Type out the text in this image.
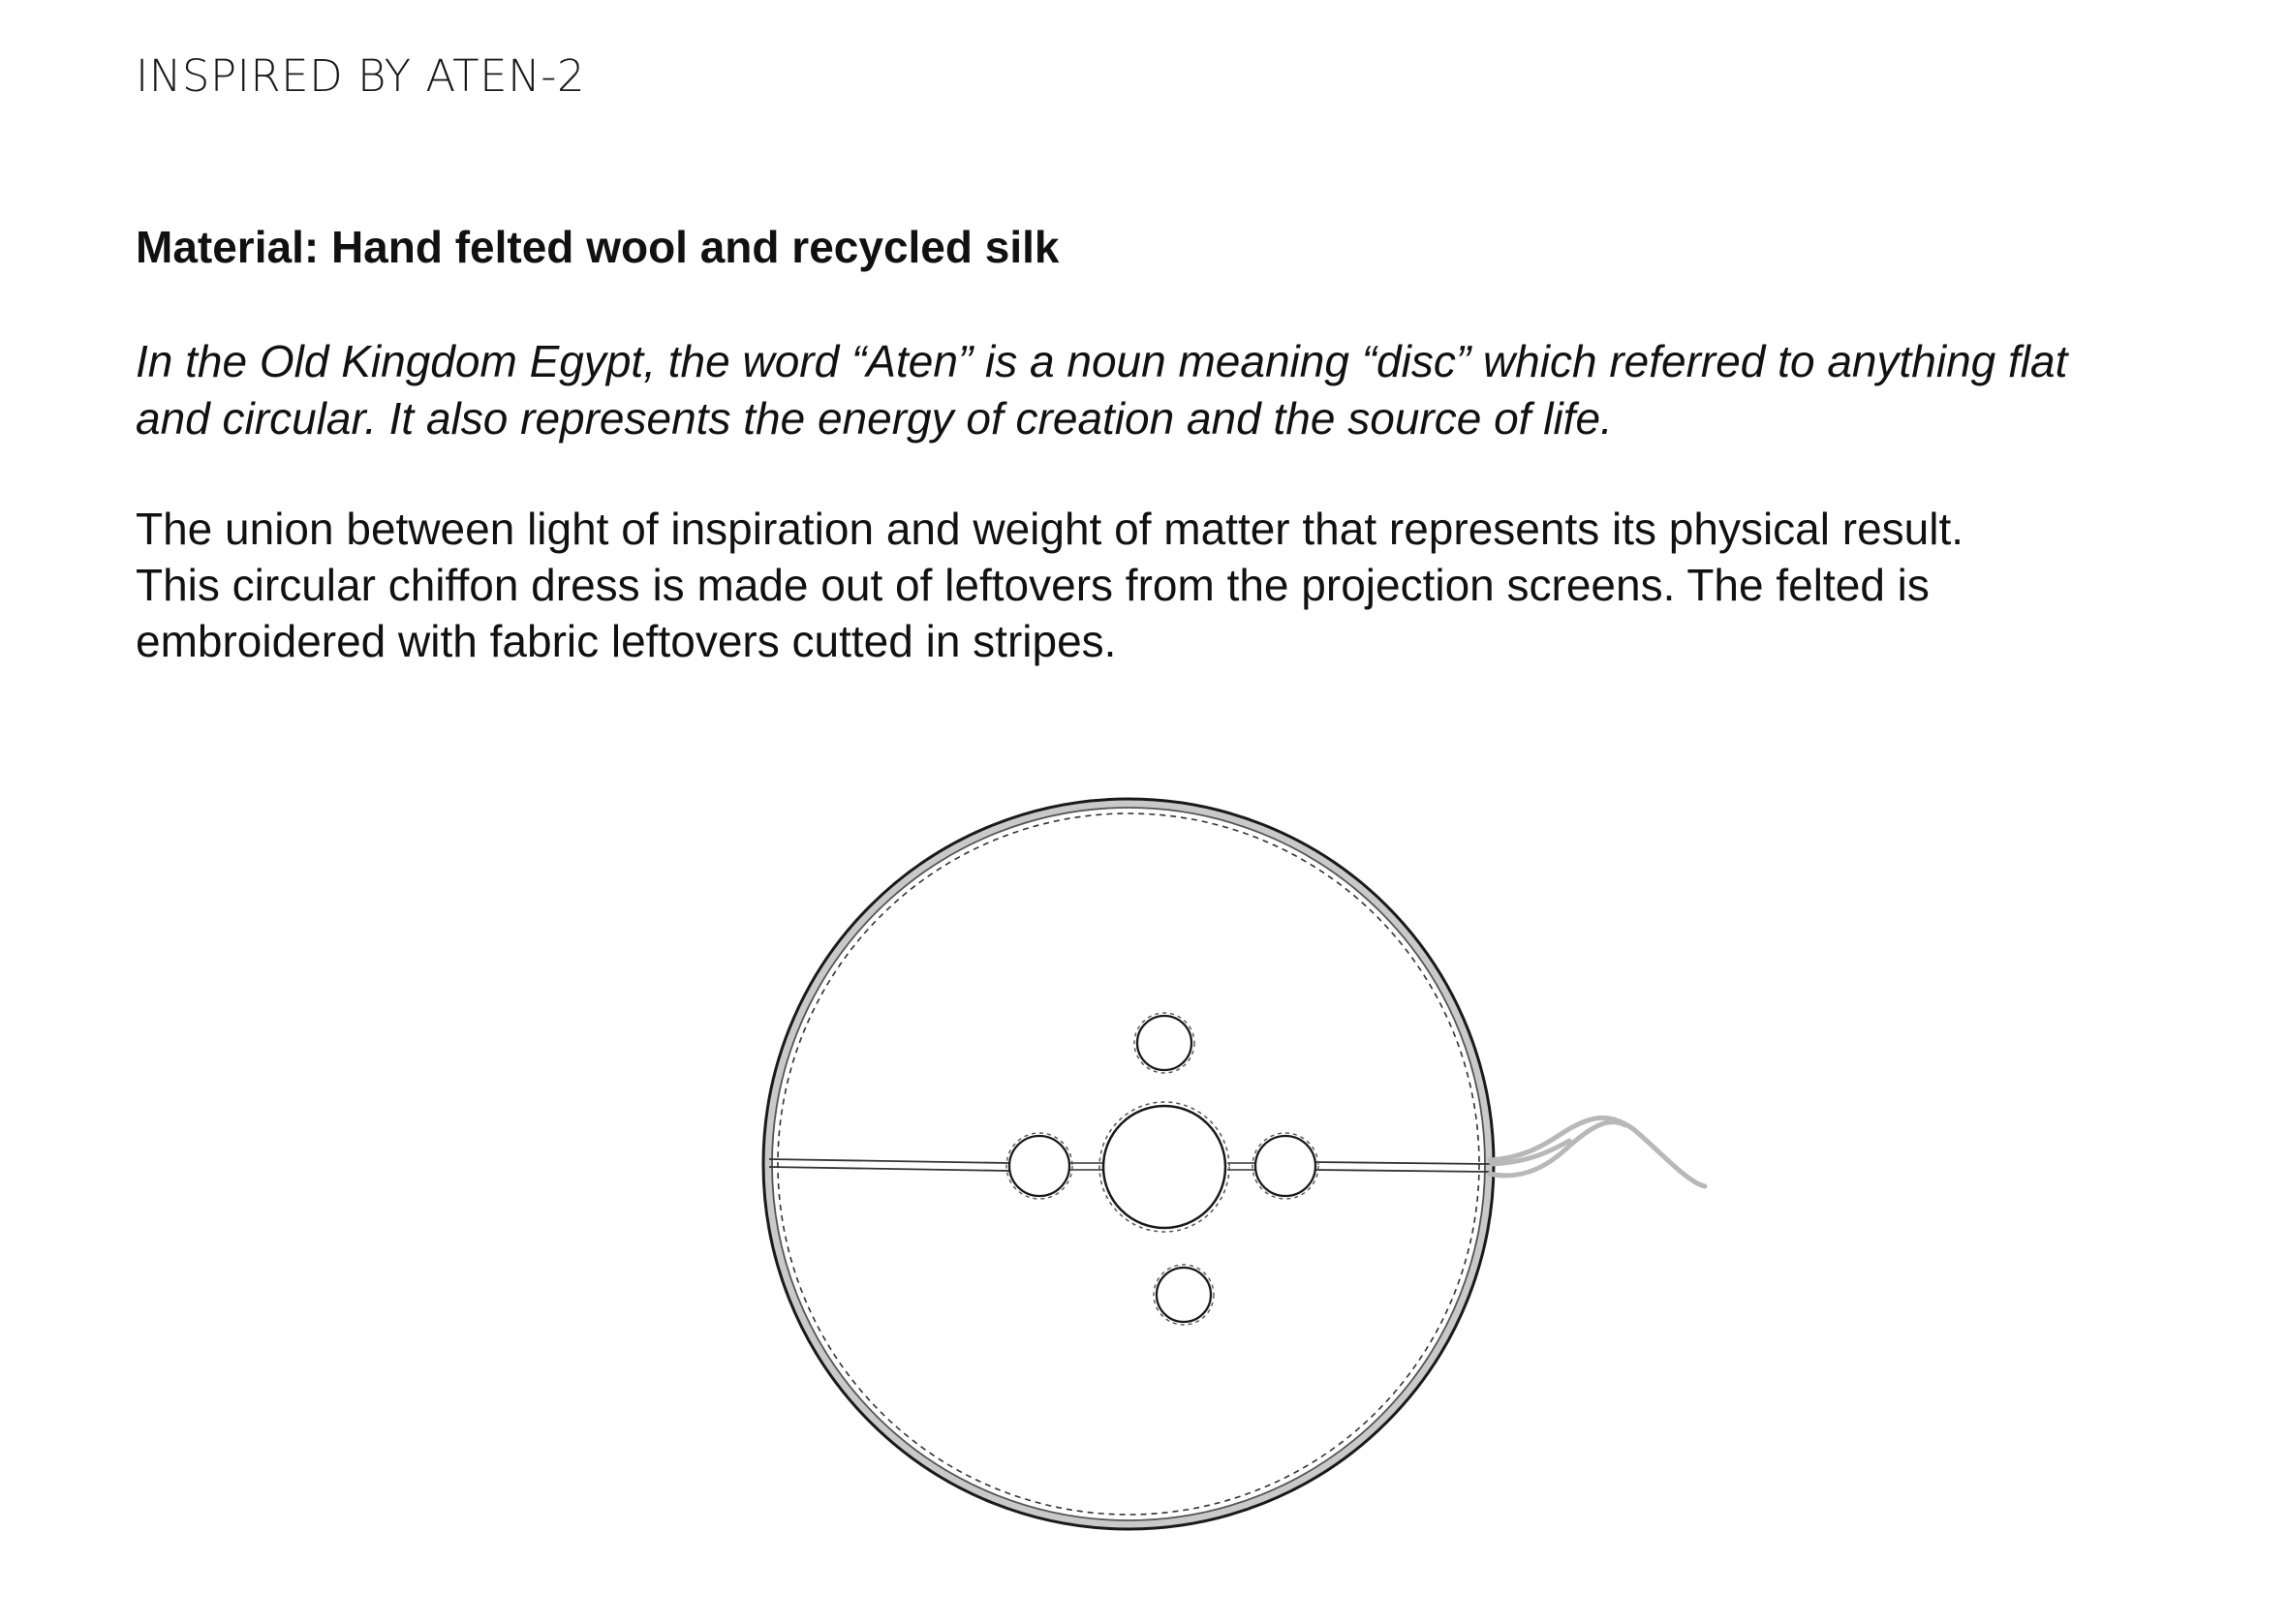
INSPIRED BY ATEN-2
Material: Hand felted wool and recycled silk
In the Old Kingdom Egypt, the word “Aten” is a noun meaning “disc” which referred to anything flat
and circular. It also represents the energy of creation and the source of life.
The union between light of inspiration and weight of matter that represents its physical result.
This circular chiffon dress is made out of leftovers from the projection screens. The felted is
embroidered with fabric leftovers cutted in stripes.
